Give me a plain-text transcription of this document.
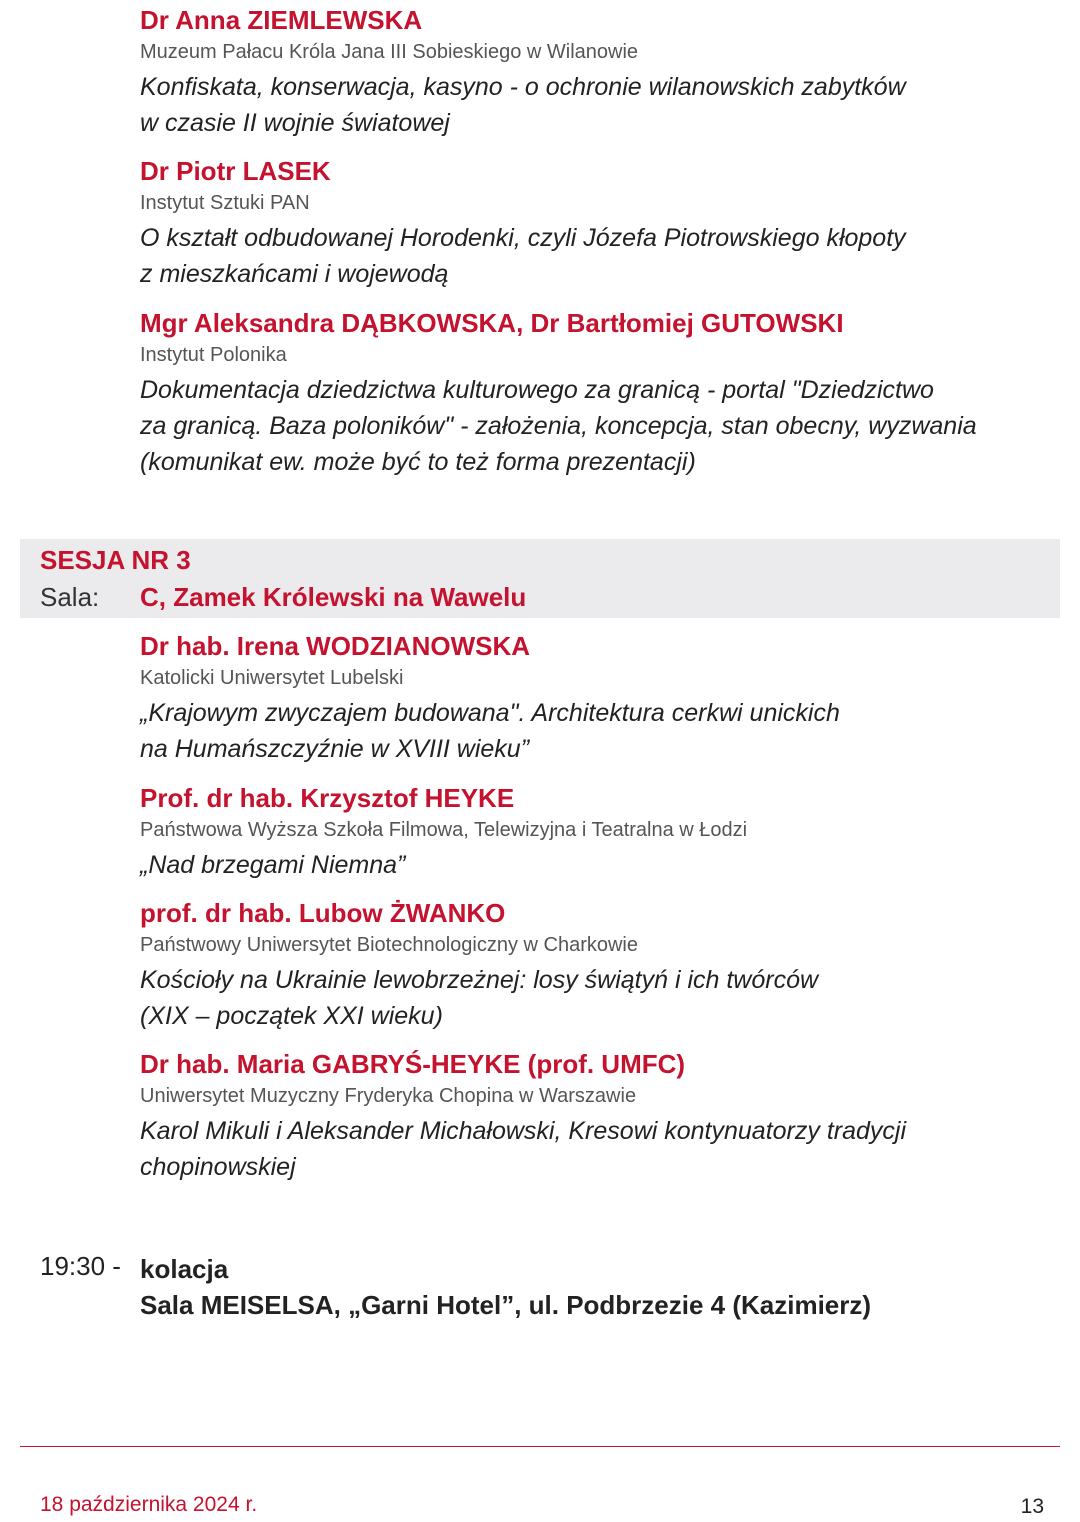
Dr Anna ZIEMLEWSKA
Muzeum Pałacu Króla Jana III Sobieskiego w Wilanowie
Konfiskata, konserwacja, kasyno - o ochronie wilanowskich zabytków
w czasie II wojnie światowej
Dr Piotr LASEK
Instytut Sztuki PAN
O kształt odbudowanej Horodenki, czyli Józefa Piotrowskiego kłopoty
z mieszkańcami i wojewodą
Mgr Aleksandra DĄBKOWSKA, Dr Bartłomiej GUTOWSKI
Instytut Polonika
Dokumentacja dziedzictwa kulturowego za granicą - portal "Dziedzictwo
za granicą. Baza poloników" - założenia, koncepcja, stan obecny, wyzwania
(komunikat ew. może być to też forma prezentacji)
SESJA NR 3
Sala: C, Zamek Królewski na Wawelu
Dr hab. Irena WODZIANOWSKA
Katolicki Uniwersytet Lubelski
„Krajowym zwyczajem budowana". Architektura cerkwi unickich
na Humańszczyźnie w XVIII wieku”
Prof. dr hab. Krzysztof HEYKE
Państwowa Wyższa Szkoła Filmowa, Telewizyjna i Teatralna w Łodzi
„Nad brzegami Niemna”
prof. dr hab. Lubow ŻWANKO
Państwowy Uniwersytet Biotechnologiczny w Charkowie
Kościoły na Ukrainie lewobrzeżnej: losy świątyń i ich twórców
(XIX – początek XXI wieku)
Dr hab. Maria GABRYŚ-HEYKE (prof. UMFC)
Uniwersytet Muzyczny Fryderyka Chopina w Warszawie
Karol Mikuli i Aleksander Michałowski, Kresowi kontynuatorzy tradycji
chopinowskiej
19:30 - kolacja
Sala MEISELSA, „Garni Hotel”, ul. Podbrzezie 4 (Kazimierz)
18 października 2024 r.	13
